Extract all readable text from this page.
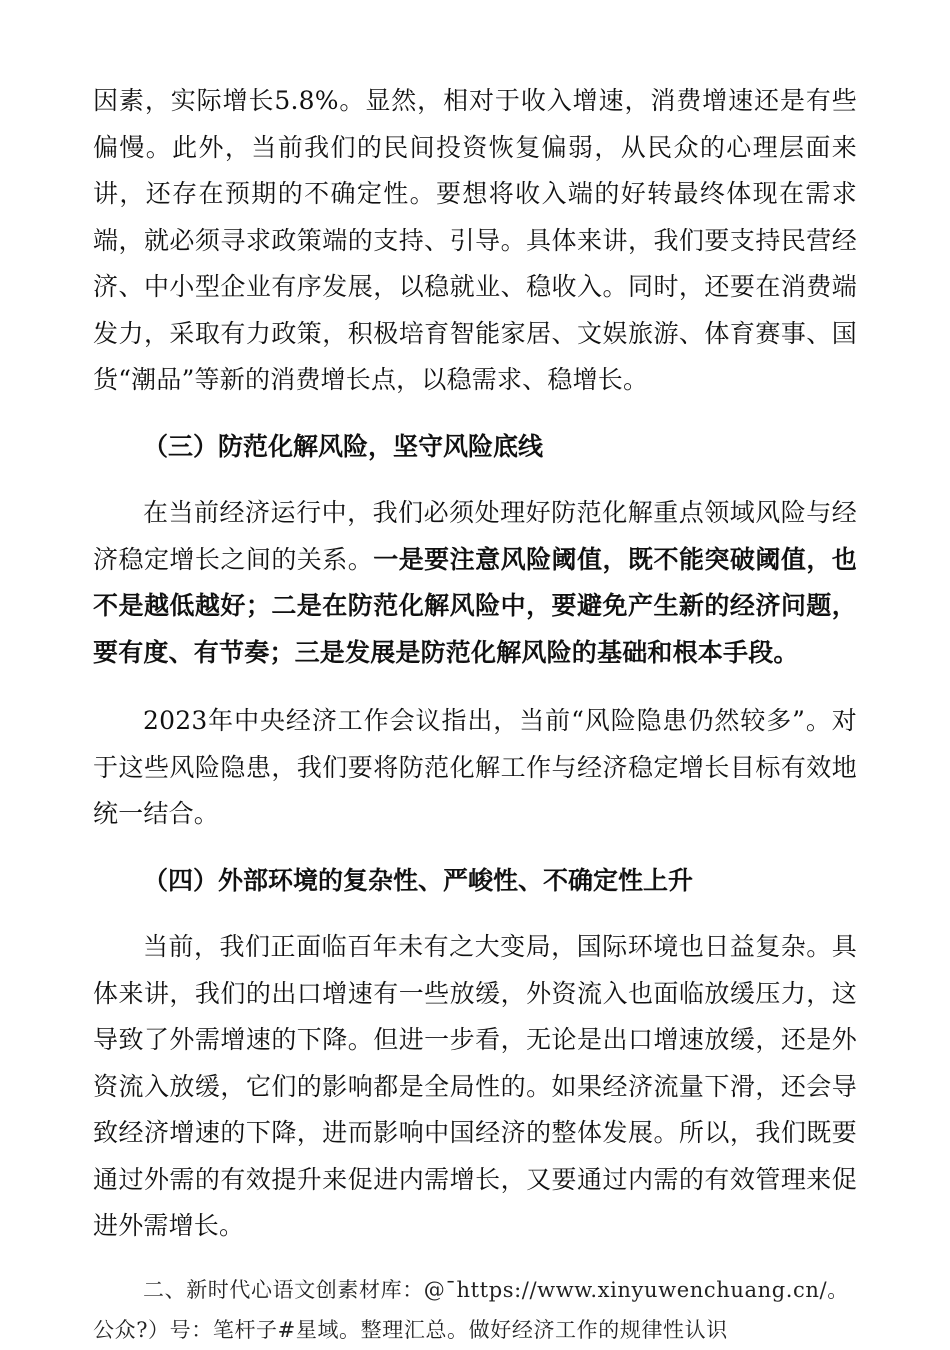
因素，实际增长5.8%。显然，相对于收入增速，消费增速还是有些偏慢。此外，当前我们的民间投资恢复偏弱，从民众的心理层面来讲，还存在预期的不确定性。要想将收入端的好转最终体现在需求端，就必须寻求政策端的支持、引导。具体来讲，我们要支持民营经济、中小型企业有序发展，以稳就业、稳收入。同时，还要在消费端发力，采取有力政策，积极培育智能家居、文娱旅游、体育赛事、国货“潮品”等新的消费增长点，以稳需求、稳增长。

（三）防范化解风险，坚守风险底线

在当前经济运行中，我们必须处理好防范化解重点领域风险与经济稳定增长之间的关系。一是要注意风险阈值，既不能突破阈值，也不是越低越好；二是在防范化解风险中，要避免产生新的经济问题，要有度、有节奏；三是发展是防范化解风险的基础和根本手段。

2023年中央经济工作会议指出，当前“风险隐患仍然较多”。对于这些风险隐患，我们要将防范化解工作与经济稳定增长目标有效地统一结合。

（四）外部环境的复杂性、严峻性、不确定性上升

当前，我们正面临百年未有之大变局，国际环境也日益复杂。具体来讲，我们的出口增速有一些放缓，外资流入也面临放缓压力，这导致了外需增速的下降。但进一步看，无论是出口增速放缓，还是外资流入放缓，它们的影响都是全局性的。如果经济流量下滑，还会导致经济增速的下降，进而影响中国经济的整体发展。所以，我们既要通过外需的有效提升来促进内需增长，又要通过内需的有效管理来促进外需增长。

二、新时代心语文创素材库：@¯https://www.xinyuwenchuang.cn/。公众?）号：笔杆子#星域。整理汇总。做好经济工作的规律性认识
